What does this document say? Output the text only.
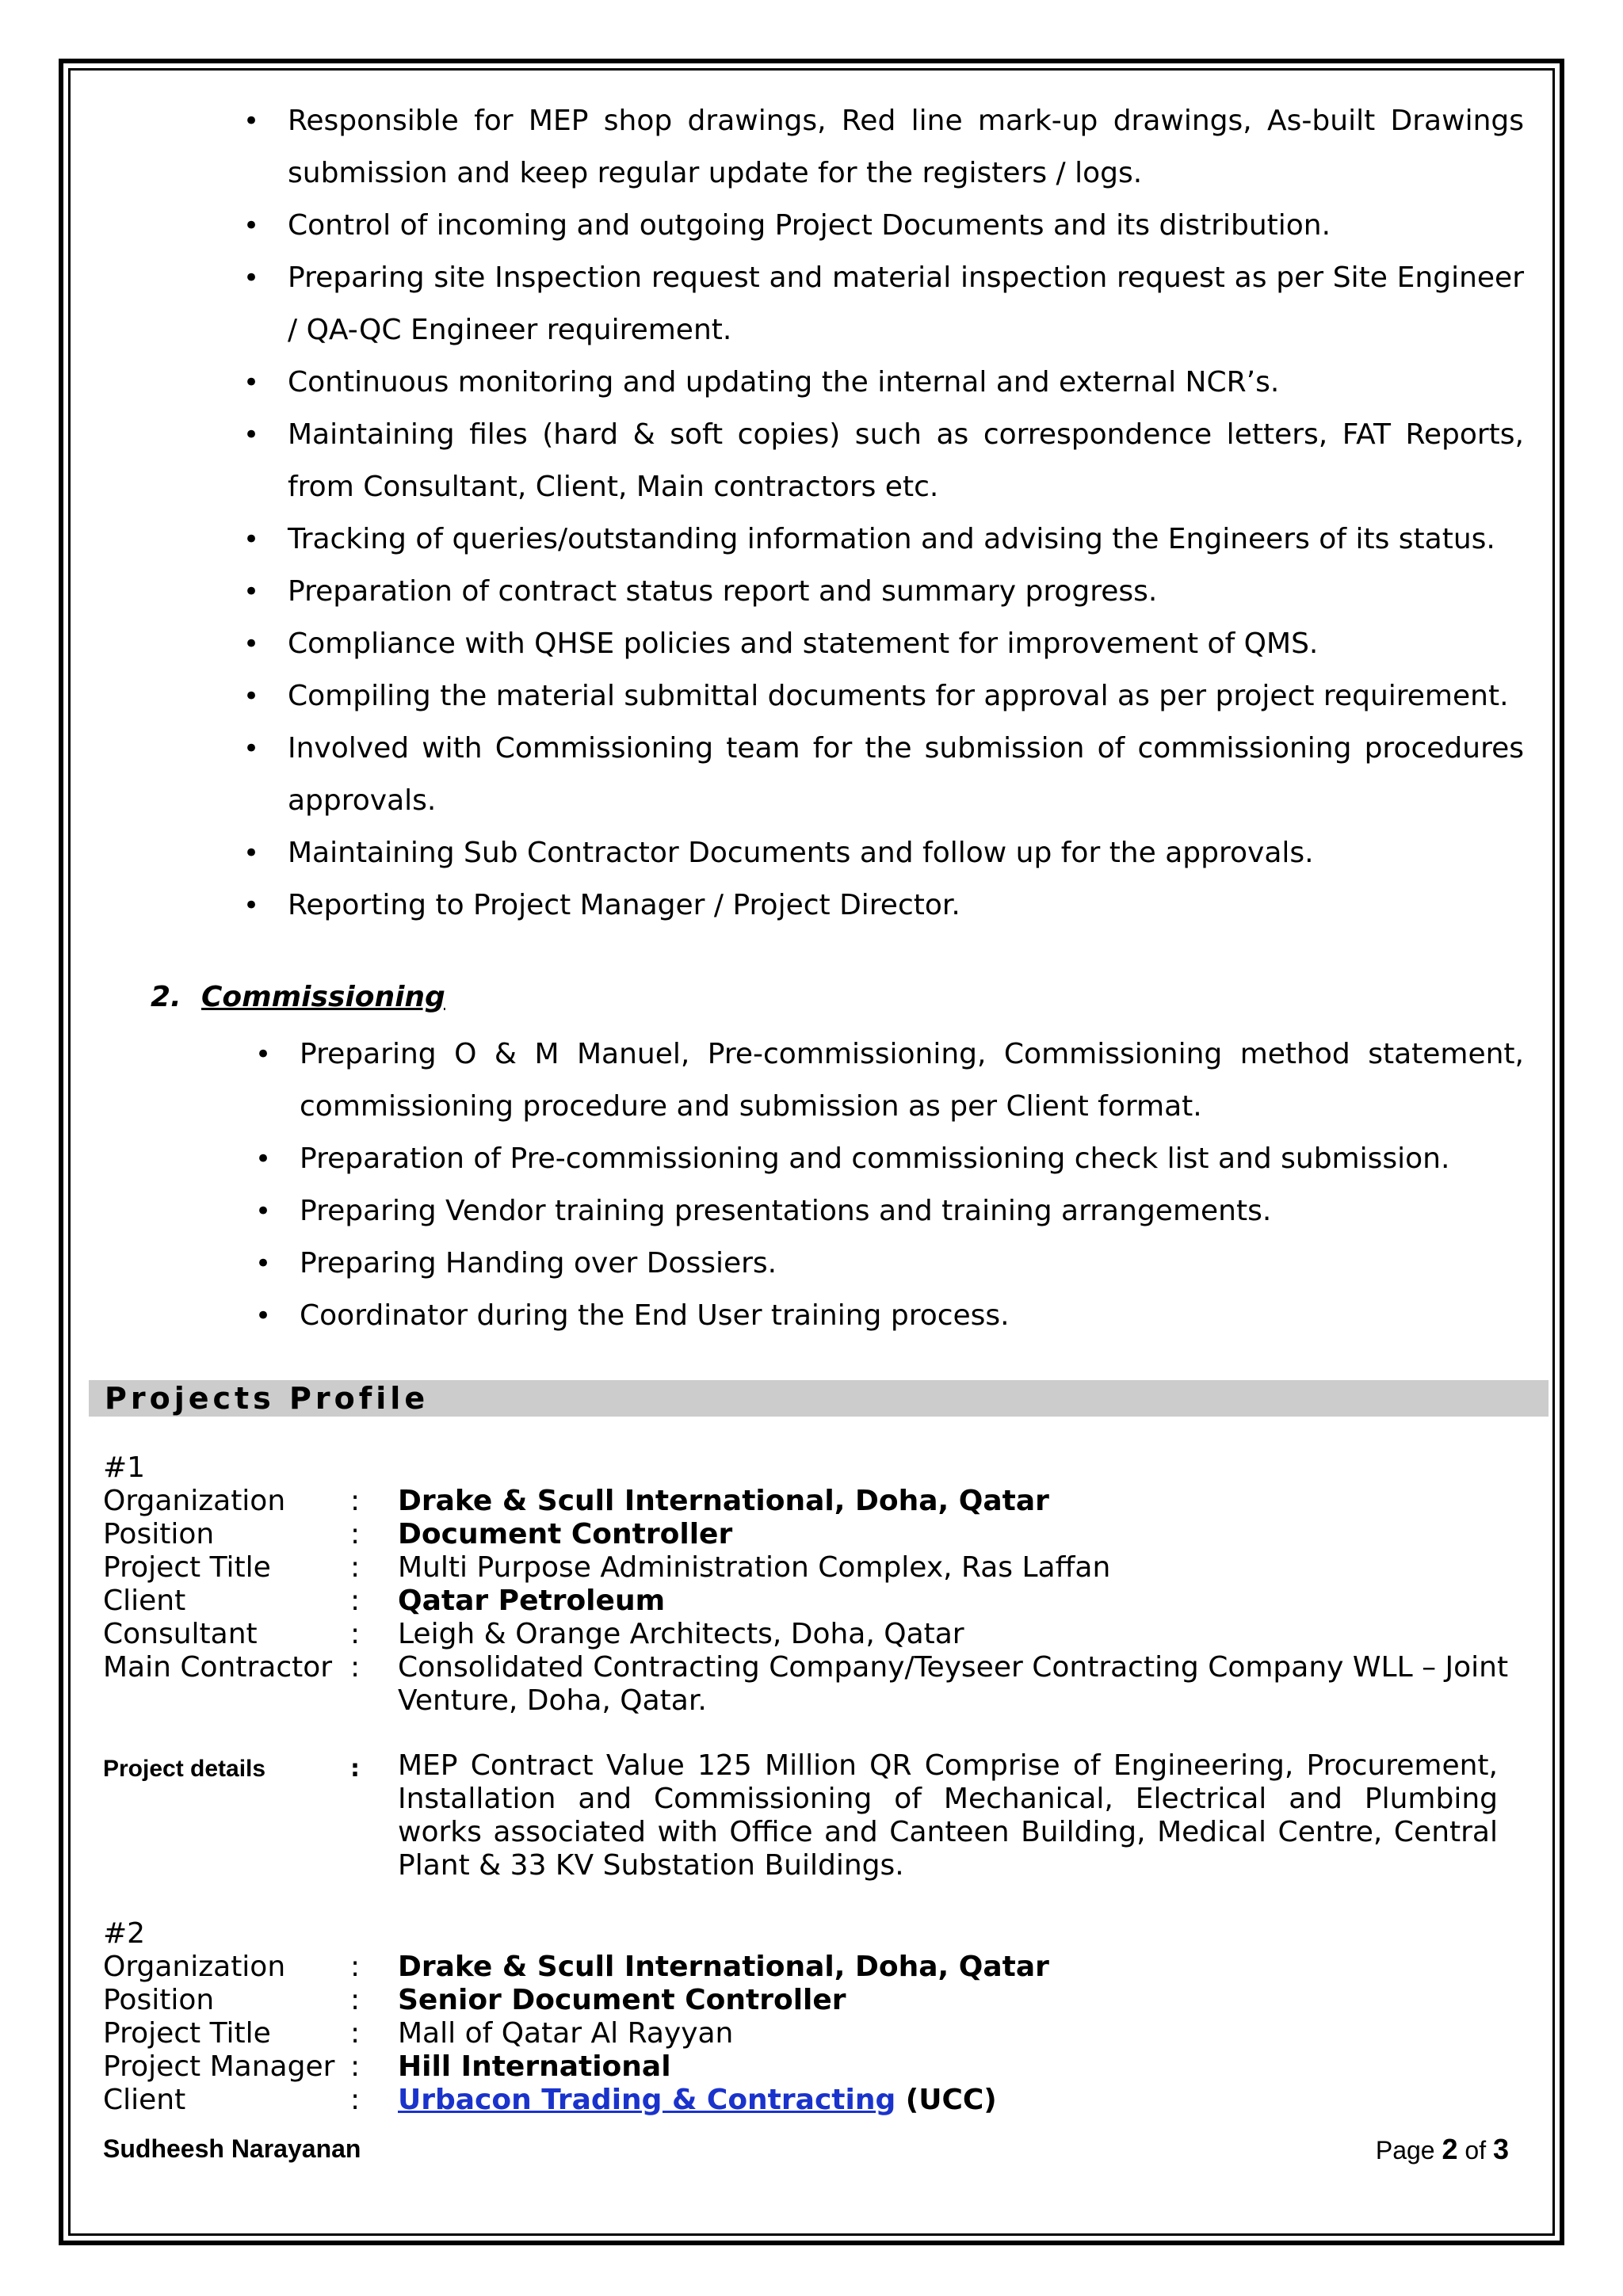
• Responsible for MEP shop drawings, Red line mark-up drawings, As-built Drawings submission and keep regular update for the registers / logs.
• Control of incoming and outgoing Project Documents and its distribution.
• Preparing site Inspection request and material inspection request as per Site Engineer / QA-QC Engineer requirement.
• Continuous monitoring and updating the internal and external NCR’s.
• Maintaining files (hard & soft copies) such as correspondence letters, FAT Reports, from Consultant, Client, Main contractors etc.
• Tracking of queries/outstanding information and advising the Engineers of its status.
• Preparation of contract status report and summary progress.
• Compliance with QHSE policies and statement for improvement of QMS.
• Compiling the material submittal documents for approval as per project requirement.
• Involved with Commissioning team for the submission of commissioning procedures approvals.
• Maintaining Sub Contractor Documents and follow up for the approvals.
• Reporting to Project Manager / Project Director.
2. Commissioning
• Preparing O & M Manuel, Pre-commissioning, Commissioning method statement, commissioning procedure and submission as per Client format.
• Preparation of Pre-commissioning and commissioning check list and submission.
• Preparing Vendor training presentations and training arrangements.
• Preparing Handing over Dossiers.
• Coordinator during the End User training process.
Projects Profile
#1
Organization : Drake & Scull International, Doha, Qatar
Position	: Document Controller
Project Title	: Multi Purpose Administration Complex, Ras Laffan
Client	: Qatar Petroleum
Consultant	: Leigh & Orange Architects, Doha, Qatar
Main Contractor : Consolidated Contracting Company/Teyseer Contracting Company WLL – Joint Venture, Doha, Qatar.
Project details	: MEP Contract Value 125 Million QR Comprise of Engineering, Procurement, Installation and Commissioning of Mechanical, Electrical and Plumbing works associated with Office and Canteen Building, Medical Centre, Central Plant & 33 KV Substation Buildings.
#2
Organization : Drake & Scull International, Doha, Qatar
Position	: Senior Document Controller
Project Title	: Mall of Qatar Al Rayyan
Project Manager : Hill International
Client	: Urbacon Trading & Contracting (UCC)
Sudheesh Narayanan	Page 2 of 3
